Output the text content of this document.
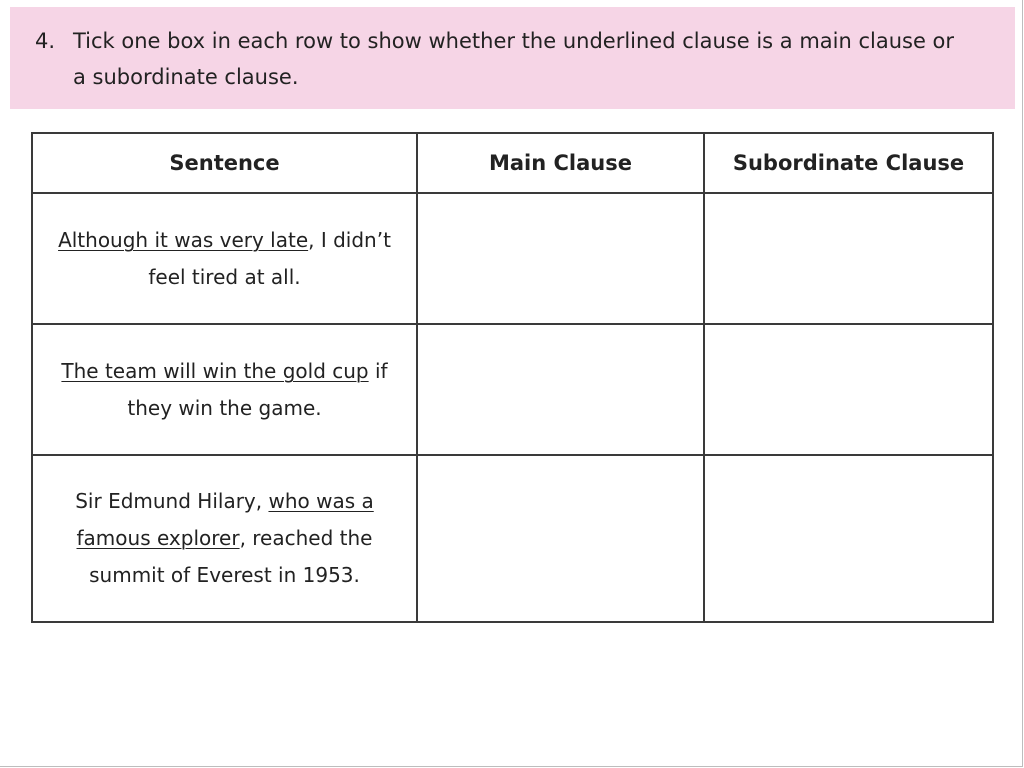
4. Tick one box in each row to show whether the underlined clause is a main clause or a subordinate clause.
Sentence	Main Clause	Subordinate Clause
Although it was very late, I didn’t feel tired at all.		
The team will win the gold cup if they win the game.		
Sir Edmund Hilary, who was a famous explorer, reached the summit of Everest in 1953.		
